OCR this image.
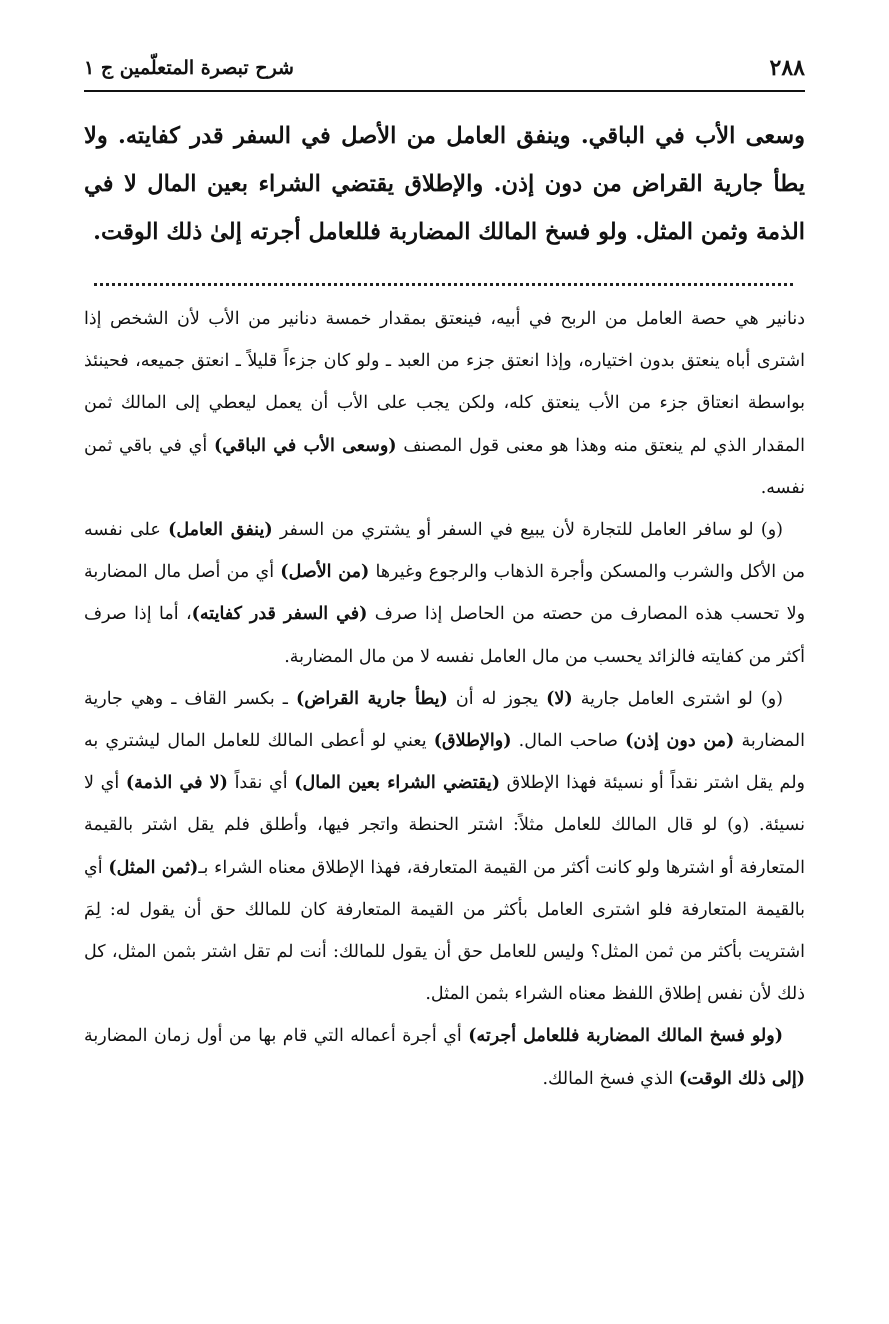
٢٨٨
شرح تبصرة المتعلّمين ج ١
وسعى الأب في الباقي. وينفق العامل من الأصل في السفر قدر كفايته. ولا يطأ جارية القراض من دون إذن. والإطلاق يقتضي الشراء بعين المال لا في الذمة وثمن المثل. ولو فسخ المالك المضاربة فللعامل أجرته إلىٰ ذلك الوقت.

دنانير هي حصة العامل من الربح في أبيه، فينعتق بمقدار خمسة دنانير من الأب لأن الشخص إذا اشترى أباه ينعتق بدون اختياره، وإذا انعتق جزء من العبد ـ ولو كان جزءاً قليلاً ـ انعتق جميعه، فحينئذ بواسطة انعتاق جزء من الأب ينعتق كله، ولكن يجب على الأب أن يعمل ليعطي إلى المالك ثمن المقدار الذي لم ينعتق منه وهذا هو معنى قول المصنف (وسعى الأب في الباقي) أي في باقي ثمن نفسه.

(و) لو سافر العامل للتجارة لأن يبيع في السفر أو يشتري من السفر (ينفق العامل) على نفسه من الأكل والشرب والمسكن وأجرة الذهاب والرجوع وغيرها (من الأصل) أي من أصل مال المضاربة ولا تحسب هذه المصارف من حصته من الحاصل إذا صرف (في السفر قدر كفايته)، أما إذا صرف أكثر من كفايته فالزائد يحسب من مال العامل نفسه لا من مال المضاربة.

(و) لو اشترى العامل جارية (لا) يجوز له أن (يطأ جارية القراض) ـ بكسر القاف ـ وهي جارية المضاربة (من دون إذن) صاحب المال. (والإطلاق) يعني لو أعطى المالك للعامل المال ليشتري به ولم يقل اشتر نقداً أو نسيئة فهذا الإطلاق (يقتضي الشراء بعين المال) أي نقداً (لا في الذمة) أي لا نسيئة. (و) لو قال المالك للعامل مثلاً: اشتر الحنطة واتجر فيها، وأطلق فلم يقل اشتر بالقيمة المتعارفة أو اشترها ولو كانت أكثر من القيمة المتعارفة، فهذا الإطلاق معناه الشراء بـ(ثمن المثل) أي بالقيمة المتعارفة فلو اشترى العامل بأكثر من القيمة المتعارفة كان للمالك حق أن يقول له: لِمَ اشتريت بأكثر من ثمن المثل؟ وليس للعامل حق أن يقول للمالك: أنت لم تقل اشتر بثمن المثل، كل ذلك لأن نفس إطلاق اللفظ معناه الشراء بثمن المثل.

(ولو فسخ المالك المضاربة فللعامل أجرته) أي أجرة أعماله التي قام بها من أول زمان المضاربة (إلى ذلك الوقت) الذي فسخ المالك.
